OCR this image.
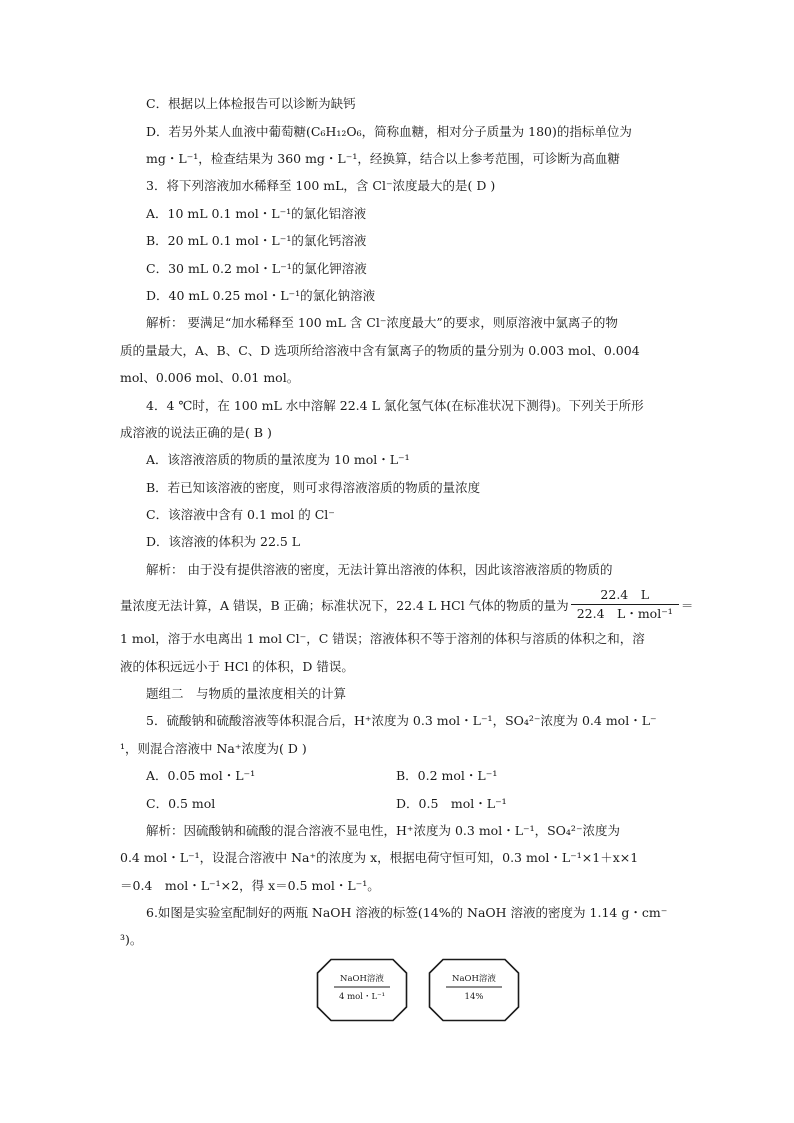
C．根据以上体检报告可以诊断为缺钙
D．若另外某人血液中葡萄糖(C₆H₁₂O₆，简称血糖，相对分子质量为 180)的指标单位为
mg・L⁻¹，检查结果为 360 mg・L⁻¹，经换算，结合以上参考范围，可诊断为高血糖
3．将下列溶液加水稀释至 100 mL，含 Cl⁻浓度最大的是( D )
A．10 mL 0.1 mol・L⁻¹的氯化铝溶液
B．20 mL 0.1 mol・L⁻¹的氯化钙溶液
C．30 mL 0.2 mol・L⁻¹的氯化钾溶液
D．40 mL 0.25 mol・L⁻¹的氯化钠溶液
解析： 要满足“加水稀释至 100 mL 含 Cl⁻浓度最大”的要求，则原溶液中氯离子的物
质的量最大，A、B、C、D 选项所给溶液中含有氯离子的物质的量分别为 0.003 mol、0.004
mol、0.006 mol、0.01 mol。
4．4 ℃时，在 100 mL 水中溶解 22.4 L 氯化氢气体(在标准状况下测得)。下列关于所形
成溶液的说法正确的是( B )
A．该溶液溶质的物质的量浓度为 10 mol・L⁻¹
B．若已知该溶液的密度，则可求得溶液溶质的物质的量浓度
C．该溶液中含有 0.1 mol 的 Cl⁻
D．该溶液的体积为 22.5 L
解析： 由于没有提供溶液的密度，无法计算出溶液的体积，因此该溶液溶质的物质的
量浓度无法计算，A 错误，B 正确；标准状况下，22.4 L HCl 气体的物质的量为 $\frac{22.4 L}{\text{22.4　L・mol⁻¹}}$ ＝
1 mol，溶于水电离出 1 mol Cl⁻，C 错误；溶液体积不等于溶剂的体积与溶质的体积之和，溶
液的体积远远小于 HCl 的体积，D 错误。
题组二　与物质的量浓度相关的计算
5．硫酸钠和硫酸溶液等体积混合后，H⁺浓度为 0.3 mol・L⁻¹，SO₄²⁻浓度为 0.4 mol・L⁻
¹，则混合溶液中 Na⁺浓度为( D )
A．0.05 mol・L⁻¹	B．0.2 mol・L⁻¹
C．0.5 mol	D．0.5　mol・L⁻¹
解析：因硫酸钠和硫酸的混合溶液不显电性，H⁺浓度为 0.3 mol・L⁻¹，SO₄²⁻浓度为
0.4 mol・L⁻¹，设混合溶液中 Na⁺的浓度为 x，根据电荷守恒可知，0.3 mol・L⁻¹×1＋x×1
＝0.4　mol・L⁻¹×2，得 x＝0.5 mol・L⁻¹。
6.如图是实验室配制好的两瓶 NaOH 溶液的标签(14%的 NaOH 溶液的密度为 1.14 g・cm⁻
³)。
NaOH溶液
4 mol・L⁻¹
NaOH溶液
14%
